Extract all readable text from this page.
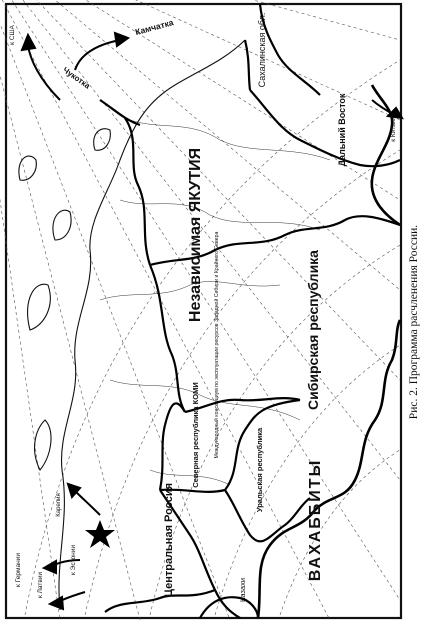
Независимая ЯКУТИЯ
Сибирская республика
Северная республика КОМИ	Международный консорциум по эксплуатации ресурсов Западной Сибири и Крайнего Севера
Уральская республика
Центральная Россия	ВАХАББИТЫ
Казахи
Дальний Восток
Сахалинская обл.
Камчатка
Чукотка
Карелия
к Эстонии
к Латвии
к Германии
к Китаю
к США
Рис. 2. Программа расчленения России.
